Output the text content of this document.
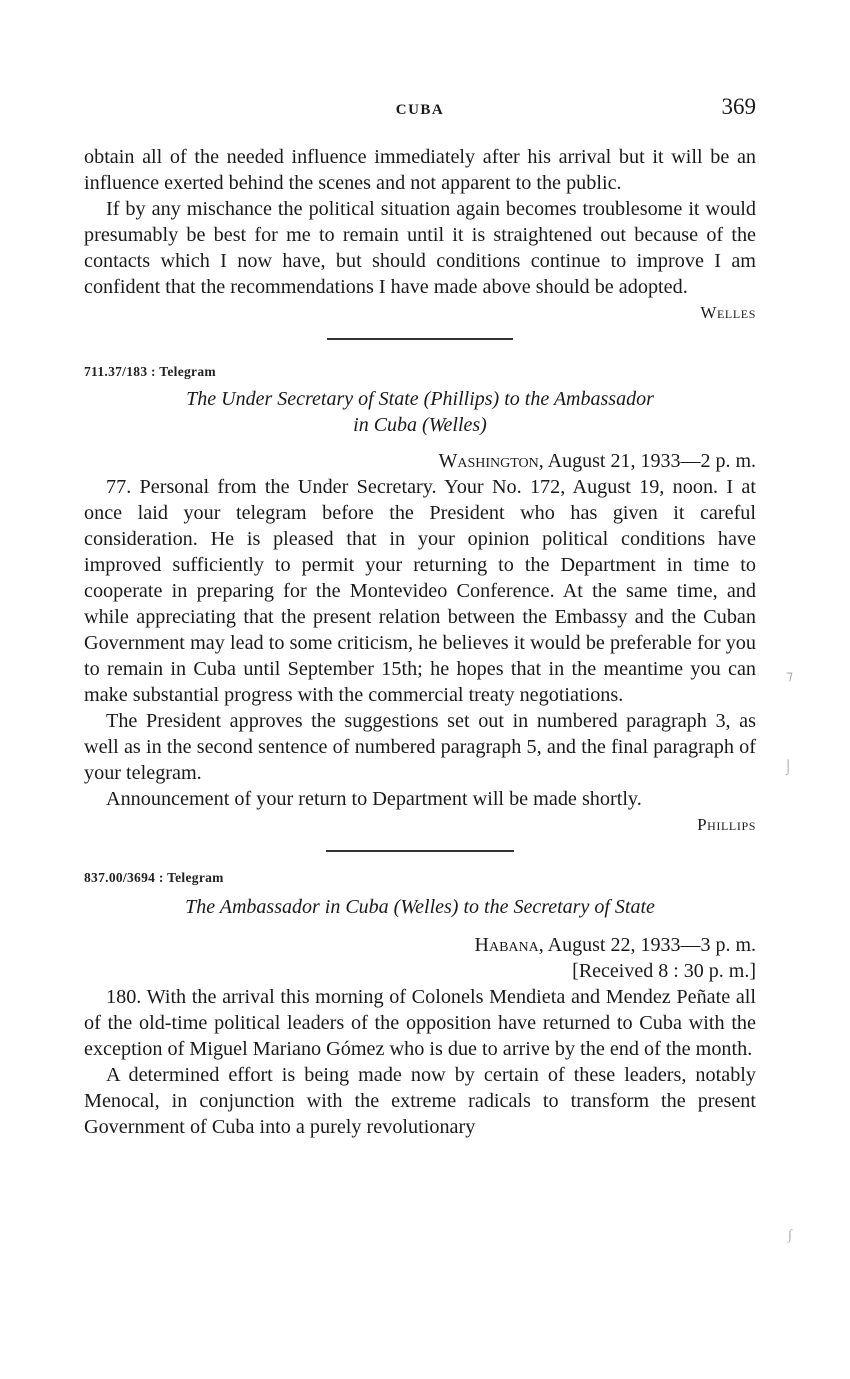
CUBA	369

obtain all of the needed influence immediately after his arrival but it will be an influence exerted behind the scenes and not apparent to the public.

If by any mischance the political situation again becomes troublesome it would presumably be best for me to remain until it is straightened out because of the contacts which I now have, but should conditions continue to improve I am confident that the recommendations I have made above should be adopted.

Welles
711.37/183 : Telegram

The Under Secretary of State (Phillips) to the Ambassador
in Cuba (Welles)

Washington, August 21, 1933—2 p. m.

77. Personal from the Under Secretary. Your No. 172, August 19, noon. I at once laid your telegram before the President who has given it careful consideration. He is pleased that in your opinion political conditions have improved sufficiently to permit your returning to the Department in time to cooperate in preparing for the Montevideo Conference. At the same time, and while appreciating that the present relation between the Embassy and the Cuban Government may lead to some criticism, he believes it would be preferable for you to remain in Cuba until September 15th; he hopes that in the meantime you can make substantial progress with the commercial treaty negotiations.

The President approves the suggestions set out in numbered paragraph 3, as well as in the second sentence of numbered paragraph 5, and the final paragraph of your telegram.

Announcement of your return to Department will be made shortly.

Phillips
837.00/3694 : Telegram

The Ambassador in Cuba (Welles) to the Secretary of State

Habana, August 22, 1933—3 p. m.
[Received 8 : 30 p. m.]

180. With the arrival this morning of Colonels Mendieta and Mendez Peñate all of the old-time political leaders of the opposition have returned to Cuba with the exception of Miguel Mariano Gómez who is due to arrive by the end of the month.

A determined effort is being made now by certain of these leaders, notably Menocal, in conjunction with the extreme radicals to transform the present Government of Cuba into a purely revolutionary

⁊
⌡
∫
